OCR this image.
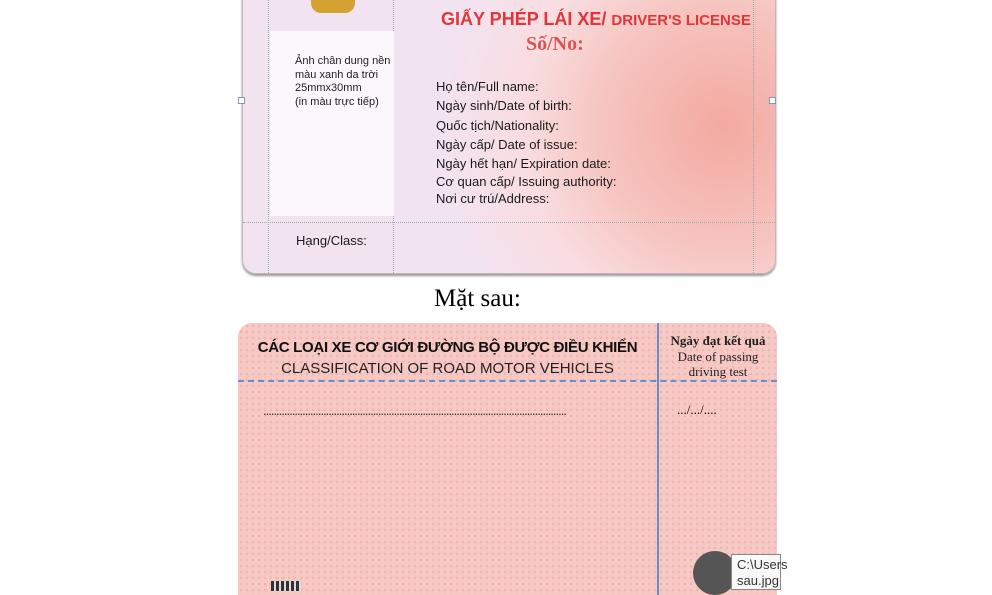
Ảnh chân dung nền
màu xanh da trời
25mmx30mm
(in màu trực tiếp)
GIẤY PHÉP LÁI XE/ DRIVER'S LICENSE
Số/No:
Họ tên/Full name:
Ngày sinh/Date of birth:
Quốc tịch/Nationality:
Ngày cấp/ Date of issue:
Ngày hết hạn/ Expiration date:
Cơ quan cấp/ Issuing authority:
Nơi cư trú/Address:
Hạng/Class:
Mặt sau:
CÁC LOẠI XE CƠ GIỚI ĐƯỜNG BỘ ĐƯỢC ĐIỀU KHIỂN
CLASSIFICATION OF ROAD MOTOR VEHICLES
Ngày đạt kết quả
Date of passing
driving test
....................................................................................................................	.../.../....
C:\Users
sau.jpg
